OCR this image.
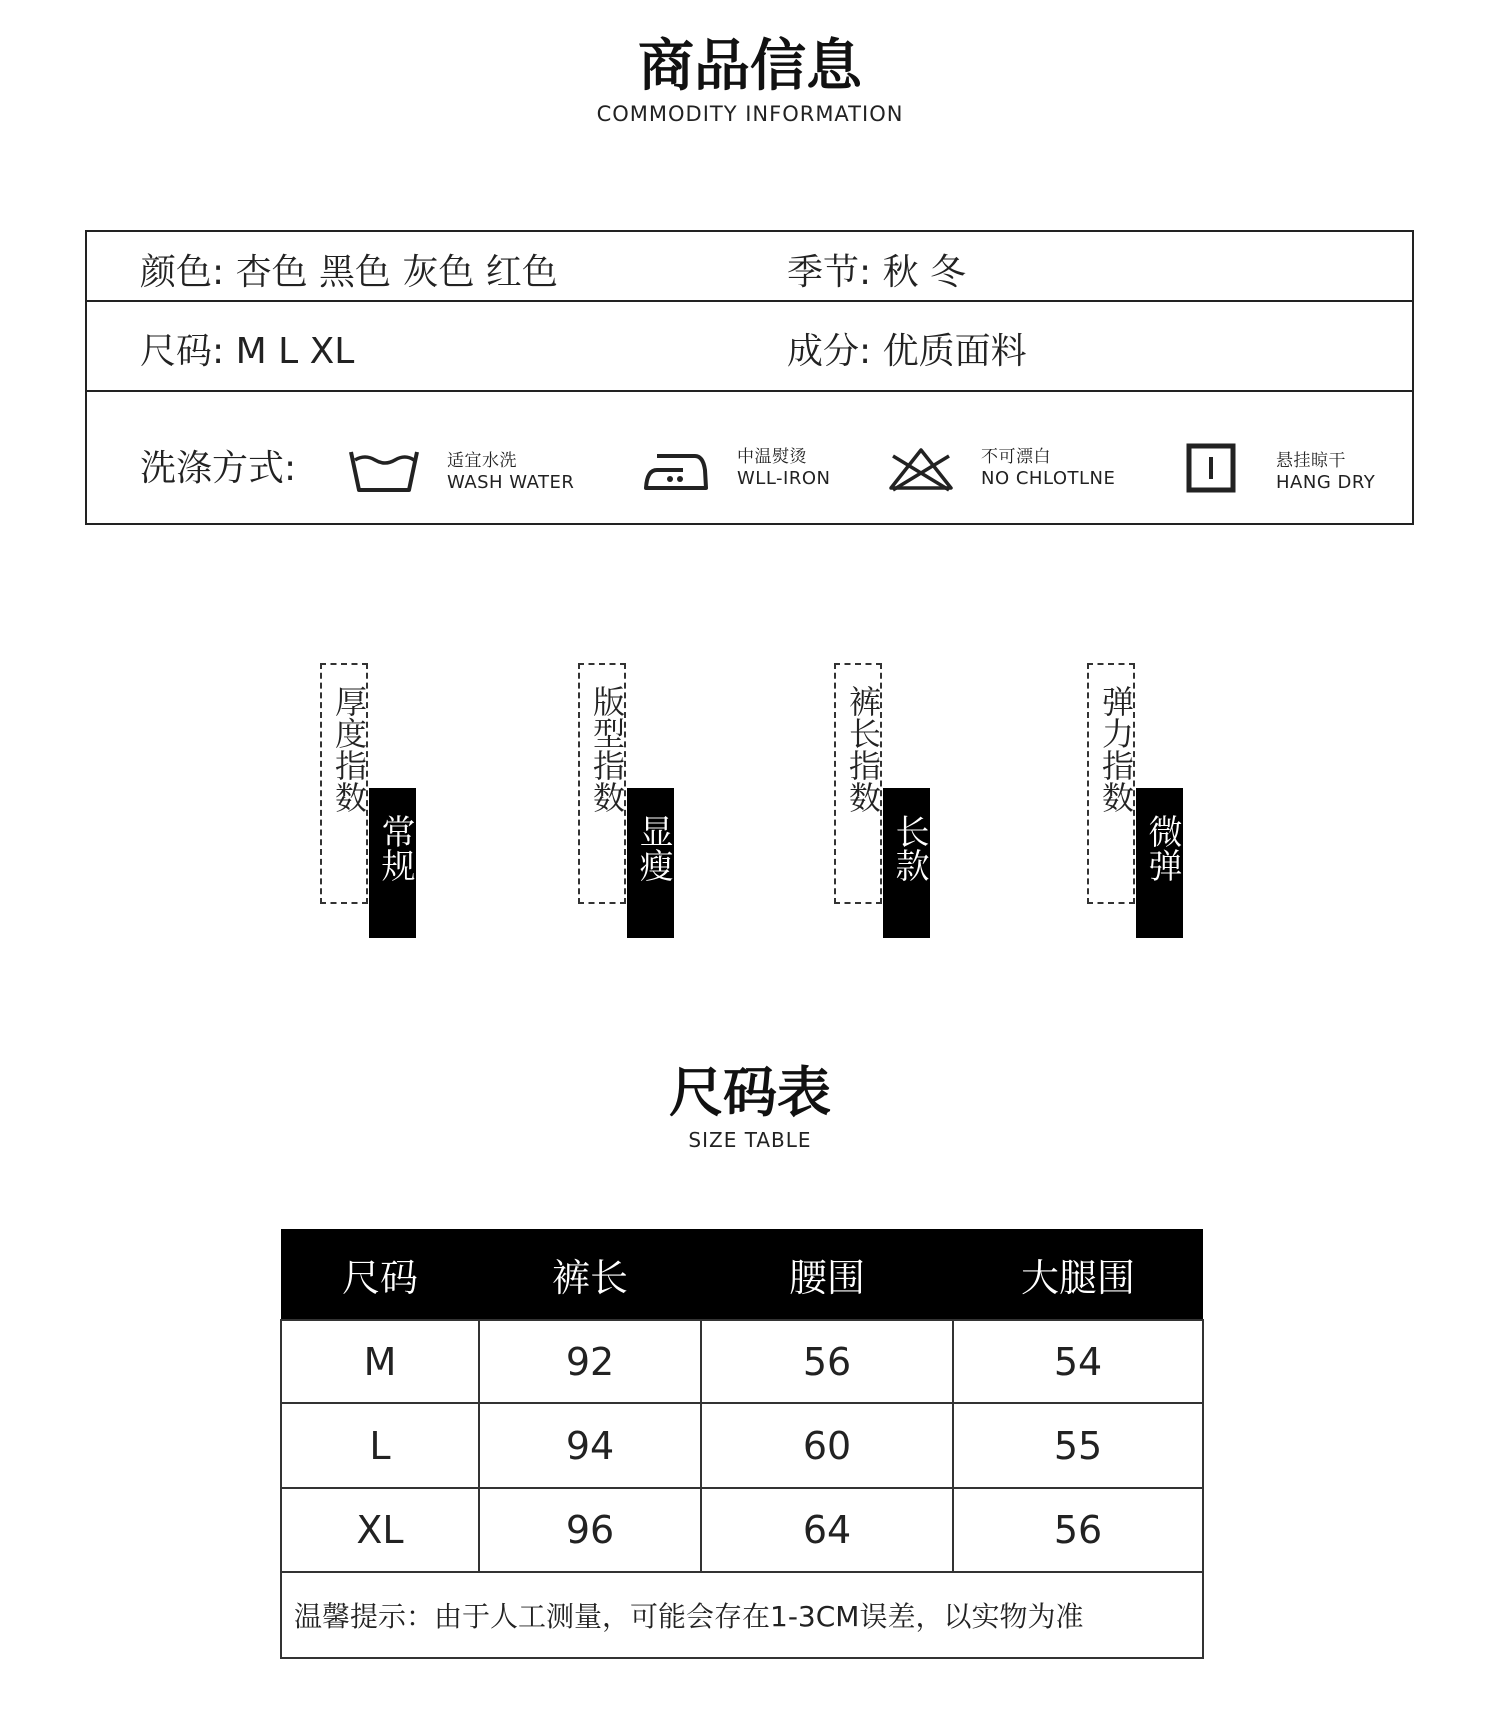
商品信息
COMMODITY INFORMATION
颜色: 杏色 黑色 灰色 红色	季节: 秋 冬
尺码: M L XL	成分: 优质面料
洗涤方式:	适宜水洗
WASH WATER
中温熨烫
WLL-IRON
不可漂白
NO CHLOTLNE
悬挂晾干
HANG DRY
厚度指数
常规
版型指数
显瘦
裤长指数
长款
弹力指数
微弹
尺码表
SIZE TABLE
尺码	裤长	腰围	大腿围
M	92	56	54
L	94	60	55
XL	96	64	56
温馨提示：由于人工测量，可能会存在1-3CM误差，以实物为准			
